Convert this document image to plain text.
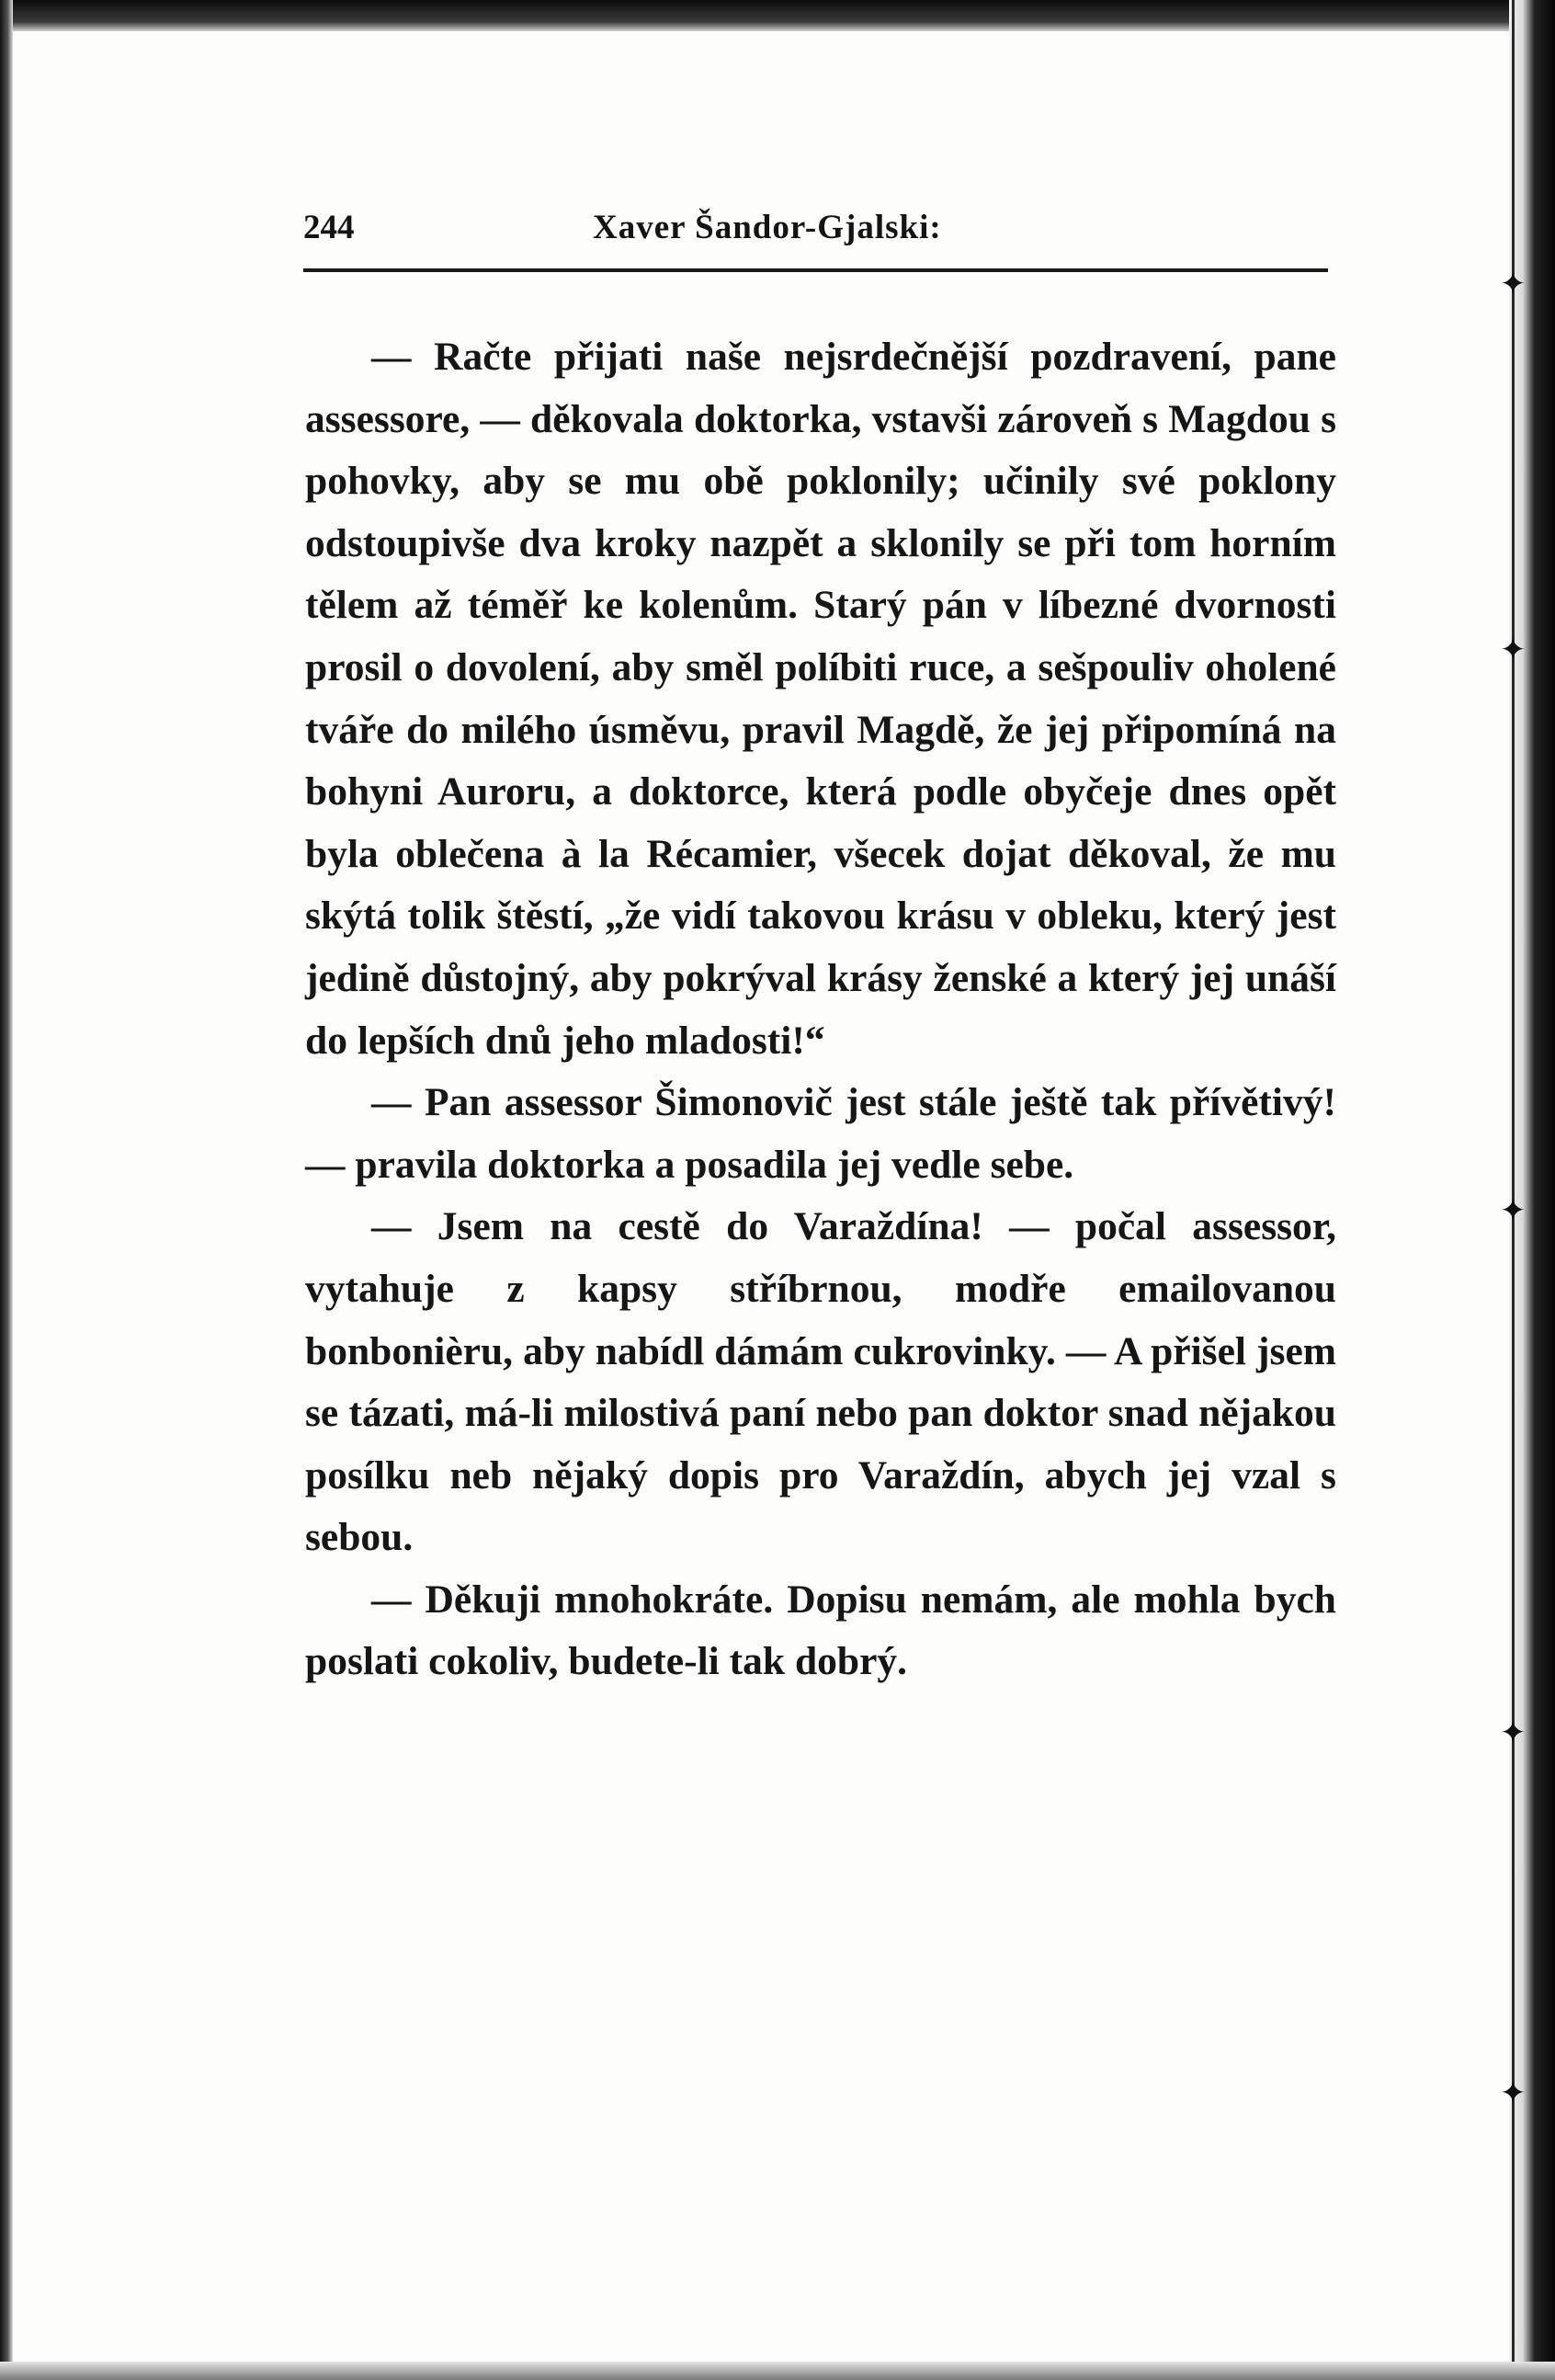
✦
✦
✦
✦
✦
244	Xaver Šandor-Gjalski:

— Račte přijati naše nejsrdečnější pozdravení, pane assessore, — děkovala doktorka, vstavši zároveň s Magdou s pohovky, aby se mu obě poklonily; učinily své poklony odstoupivše dva kroky nazpět a sklonily se při tom horním tělem až téměř ke kolenům. Starý pán v líbezné dvornosti prosil o dovolení, aby směl políbiti ruce, a sešpouliv oholené tváře do milého úsměvu, pravil Magdě, že jej připomíná na bohyni Auroru, a doktorce, která podle obyčeje dnes opět byla oblečena à la Récamier, všecek dojat děkoval, že mu skýtá tolik štěstí, „že vidí takovou krásu v obleku, který jest jedině důstojný, aby pokrýval krásy ženské a který jej unáší do lepších dnů jeho mladosti!“

— Pan assessor Šimonovič jest stále ještě tak přívětivý! — pravila doktorka a posadila jej vedle sebe.

— Jsem na cestě do Varaždína! — počal assessor, vytahuje z kapsy stříbrnou, modře emailovanou bonbonièru, aby nabídl dámám cukrovinky. — A přišel jsem se tázati, má-li milostivá paní nebo pan doktor snad nějakou posílku neb nějaký dopis pro Varaždín, abych jej vzal s sebou.

— Děkuji mnohokráte. Dopisu nemám, ale mohla bych poslati cokoliv, budete-li tak dobrý.
